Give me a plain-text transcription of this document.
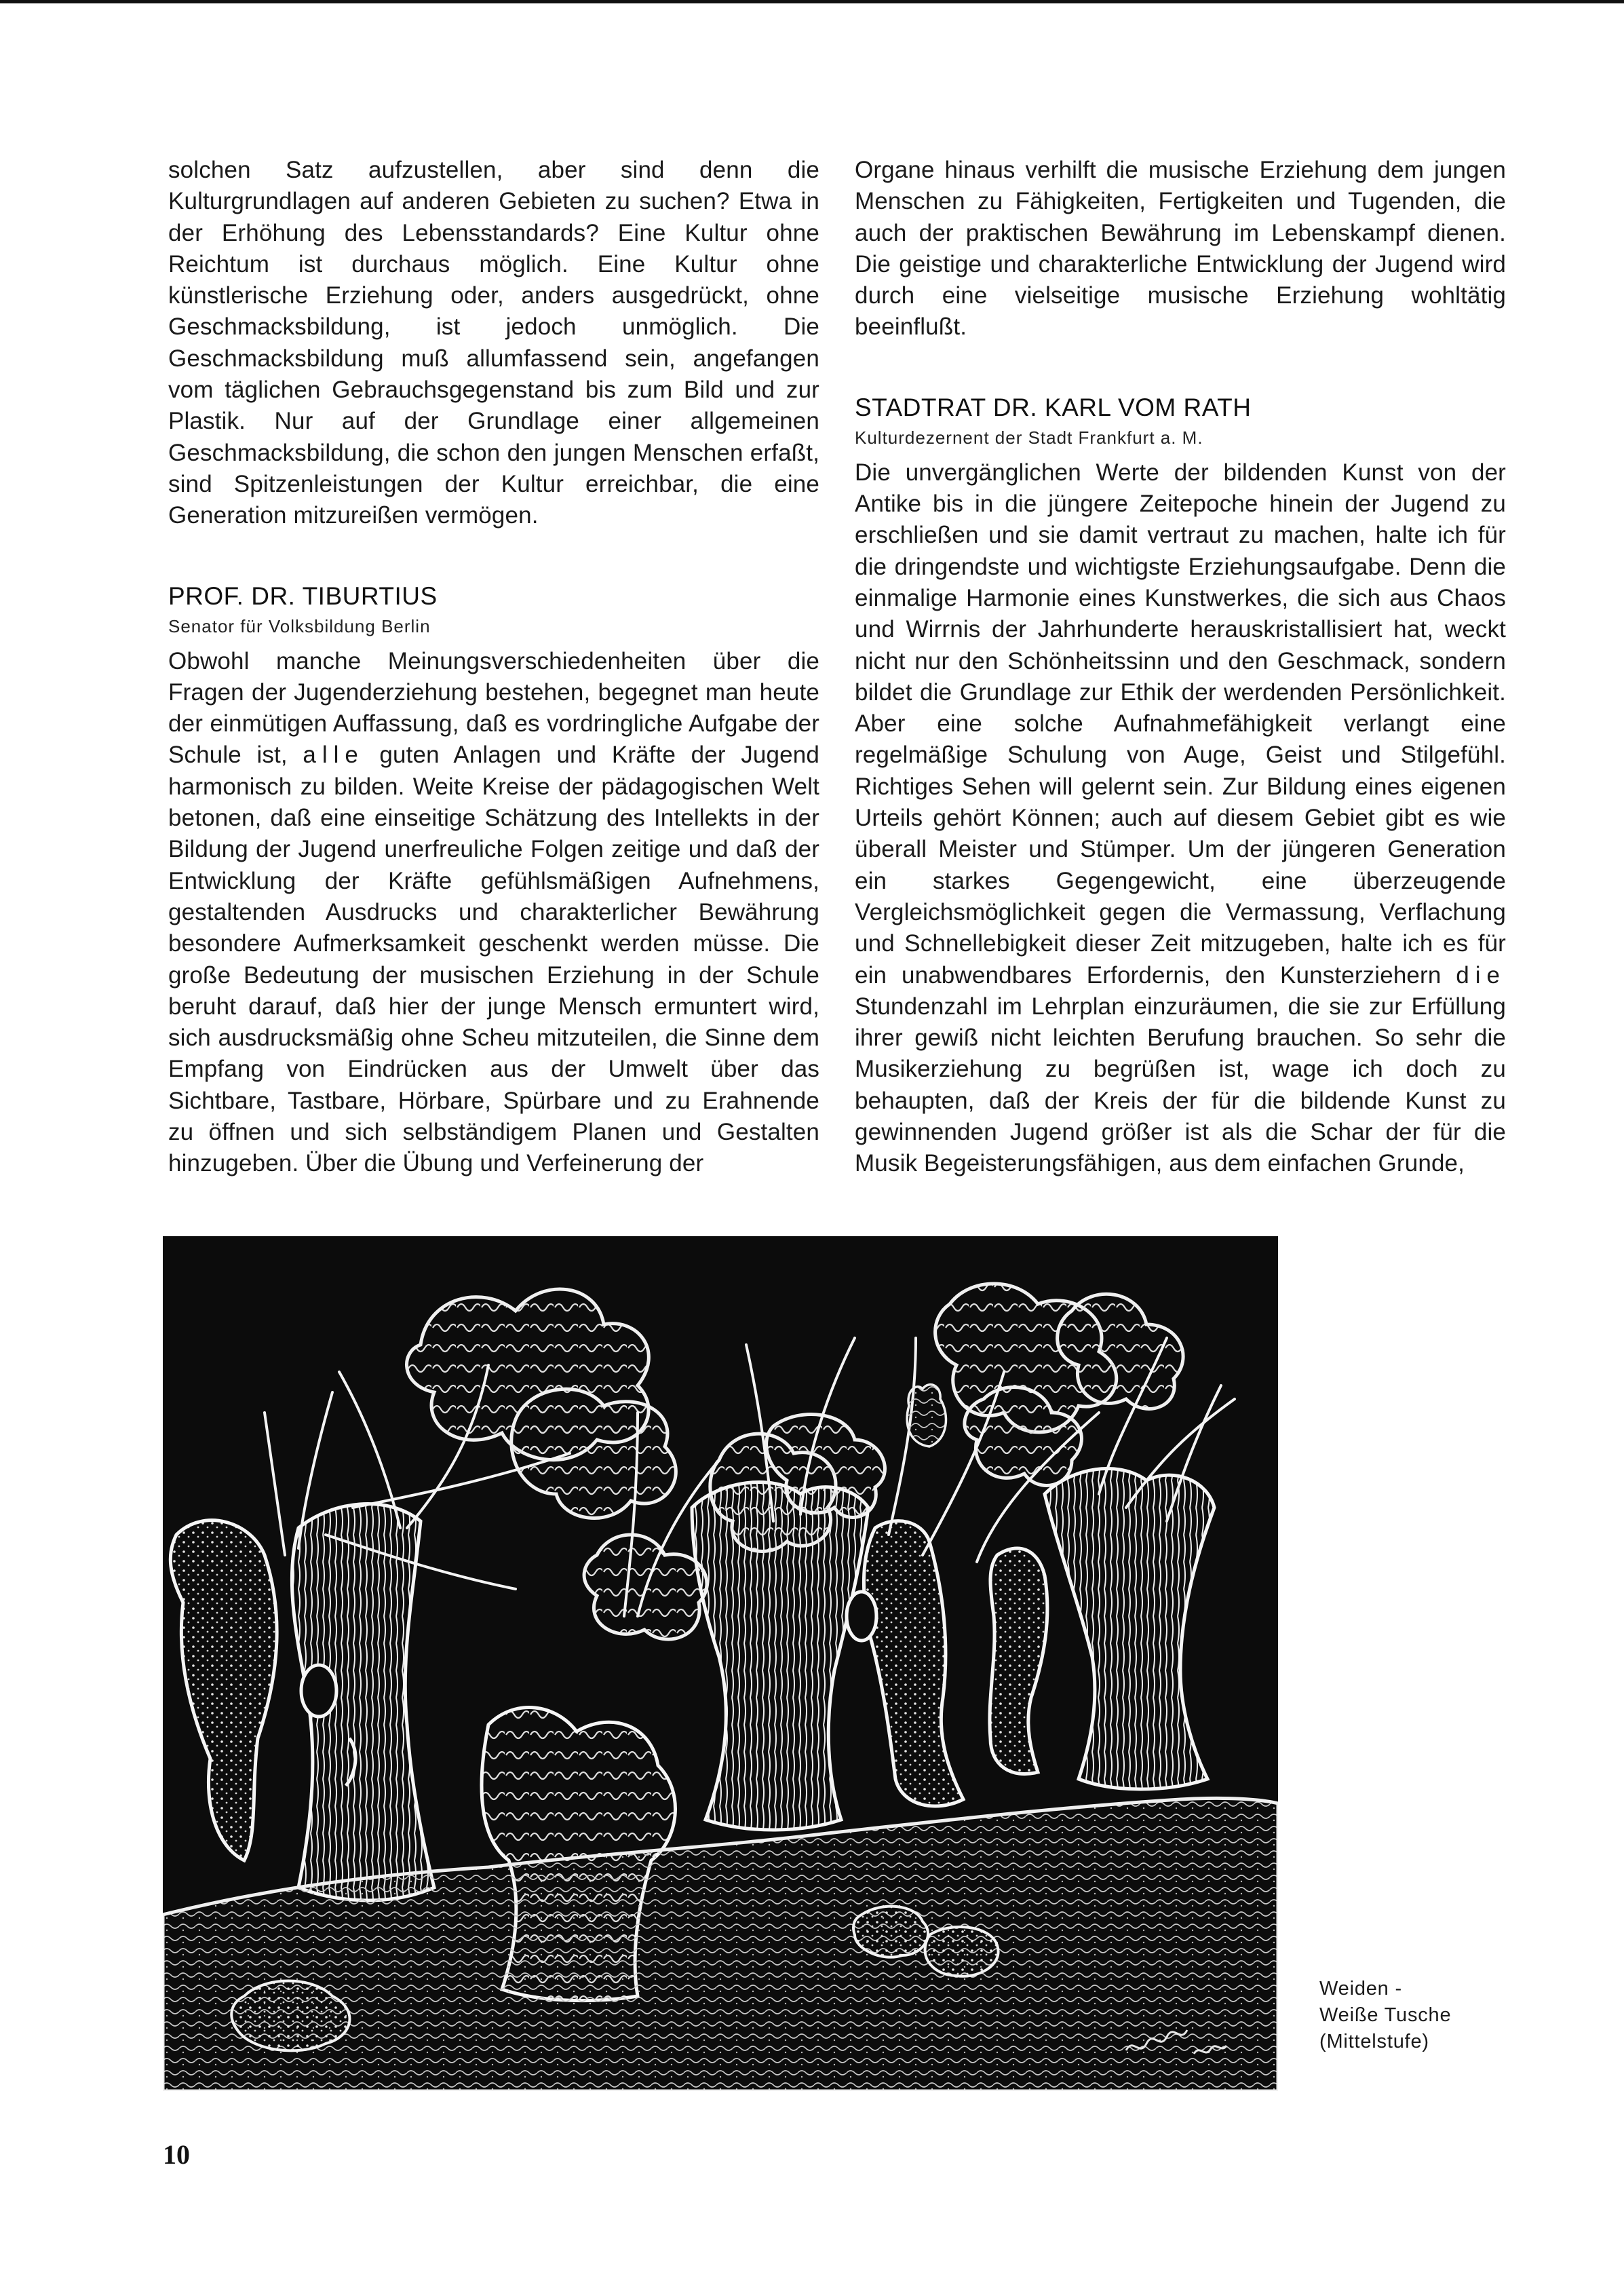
solchen Satz aufzustellen, aber sind denn die Kulturgrundlagen auf anderen Gebieten zu suchen? Etwa in der Erhöhung des Lebensstandards? Eine Kultur ohne Reichtum ist durchaus möglich. Eine Kultur ohne künstlerische Erziehung oder, anders ausgedrückt, ohne Geschmacksbildung, ist jedoch unmöglich. Die Geschmacksbildung muß allumfassend sein, angefangen vom täglichen Gebrauchsgegenstand bis zum Bild und zur Plastik. Nur auf der Grundlage einer allgemeinen Geschmacksbildung, die schon den jungen Menschen erfaßt, sind Spitzenleistungen der Kultur erreichbar, die eine Generation mitzureißen vermögen.

PROF. DR. TIBURTIUS
Senator für Volksbildung Berlin

Obwohl manche Meinungsverschiedenheiten über die Fragen der Jugenderziehung bestehen, begegnet man heute der einmütigen Auffassung, daß es vordringliche Aufgabe der Schule ist, alle guten Anlagen und Kräfte der Jugend harmonisch zu bilden. Weite Kreise der pädagogischen Welt betonen, daß eine einseitige Schätzung des Intellekts in der Bildung der Jugend unerfreuliche Folgen zeitige und daß der Entwicklung der Kräfte gefühlsmäßigen Aufnehmens, gestaltenden Ausdrucks und charakterlicher Bewährung besondere Aufmerksamkeit geschenkt werden müsse. Die große Bedeutung der musischen Erziehung in der Schule beruht darauf, daß hier der junge Mensch ermuntert wird, sich ausdrucksmäßig ohne Scheu mitzuteilen, die Sinne dem Empfang von Eindrücken aus der Umwelt über das Sichtbare, Tastbare, Hörbare, Spürbare und zu Erahnende zu öffnen und sich selbständigem Planen und Gestalten hinzugeben. Über die Übung und Verfeinerung der

Organe hinaus verhilft die musische Erziehung dem jungen Menschen zu Fähigkeiten, Fertigkeiten und Tugenden, die auch der praktischen Bewährung im Lebenskampf dienen. Die geistige und charakterliche Entwicklung der Jugend wird durch eine vielseitige musische Erziehung wohltätig beeinflußt.

STADTRAT DR. KARL VOM RATH
Kulturdezernent der Stadt Frankfurt a. M.

Die unvergänglichen Werte der bildenden Kunst von der Antike bis in die jüngere Zeitepoche hinein der Jugend zu erschließen und sie damit vertraut zu machen, halte ich für die dringendste und wichtigste Erziehungsaufgabe. Denn die einmalige Harmonie eines Kunstwerkes, die sich aus Chaos und Wirrnis der Jahrhunderte herauskristallisiert hat, weckt nicht nur den Schönheitssinn und den Geschmack, sondern bildet die Grundlage zur Ethik der werdenden Persönlichkeit. Aber eine solche Aufnahmefähigkeit verlangt eine regelmäßige Schulung von Auge, Geist und Stilgefühl. Richtiges Sehen will gelernt sein. Zur Bildung eines eigenen Urteils gehört Können; auch auf diesem Gebiet gibt es wie überall Meister und Stümper. Um der jüngeren Generation ein starkes Gegengewicht, eine überzeugende Vergleichsmöglichkeit gegen die Vermassung, Verflachung und Schnellebigkeit dieser Zeit mitzugeben, halte ich es für ein unabwendbares Erfordernis, den Kunsterziehern die Stundenzahl im Lehrplan einzuräumen, die sie zur Erfüllung ihrer gewiß nicht leichten Berufung brauchen. So sehr die Musikerziehung zu begrüßen ist, wage ich doch zu behaupten, daß der Kreis der für die bildende Kunst zu gewinnenden Jugend größer ist als die Schar der für die Musik Begeisterungsfähigen, aus dem einfachen Grunde,

Weiden -
Weiße Tusche
(Mittelstufe)
10
